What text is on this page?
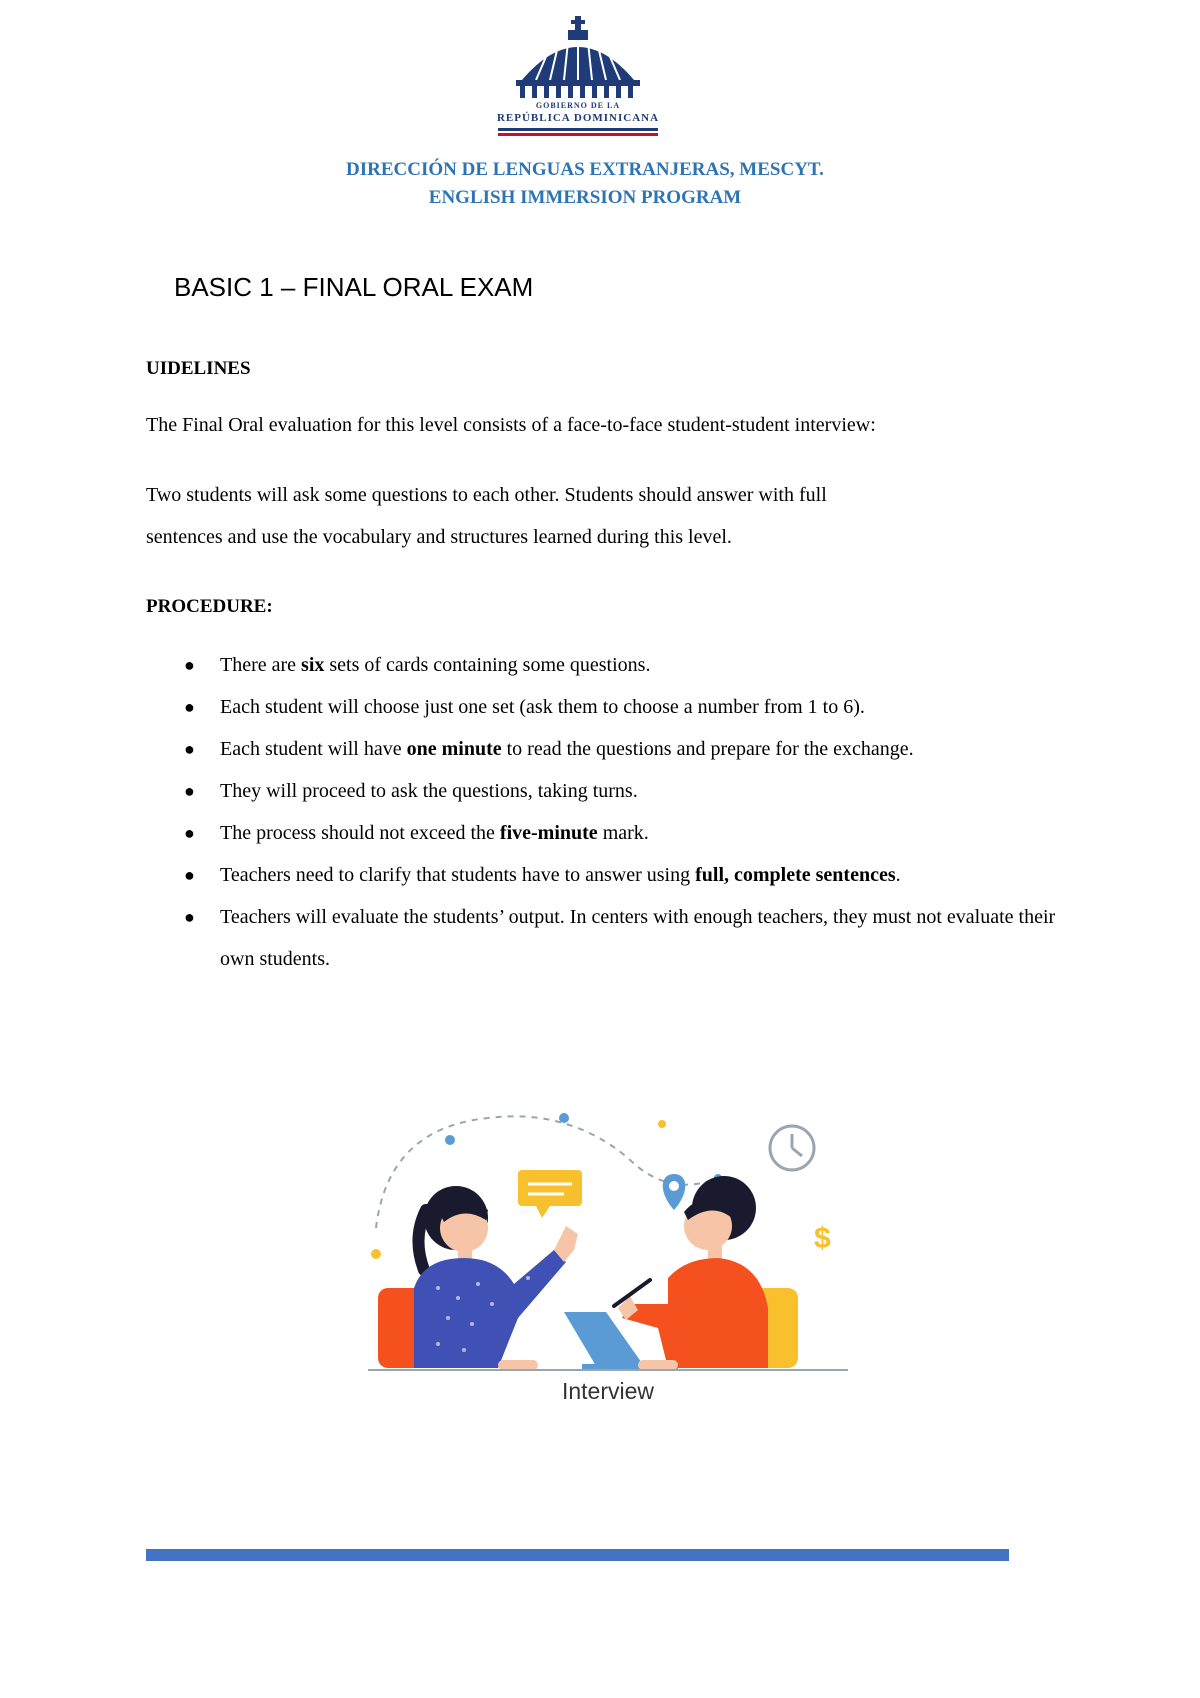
GOBIERNO DE LA
REPÚBLICA DOMINICANA
DIRECCIÓN DE LENGUAS EXTRANJERAS, MESCYT.
ENGLISH IMMERSION PROGRAM
BASIC 1 – FINAL ORAL EXAM
UIDELINES
The Final Oral evaluation for this level consists of a face-to-face student-student interview:
Two students will ask some questions to each other. Students should answer with full
sentences and use the vocabulary and structures learned during this level.
PROCEDURE:
● There are six sets of cards containing some questions.
● Each student will choose just one set (ask them to choose a number from 1 to 6).
● Each student will have one minute to read the questions and prepare for the exchange.
● They will proceed to ask the questions, taking turns.
● The process should not exceed the five-minute mark.
● Teachers need to clarify that students have to answer using full, complete sentences.
● Teachers will evaluate the students’ output. In centers with enough teachers, they must not evaluate their own students.
$
Interview
